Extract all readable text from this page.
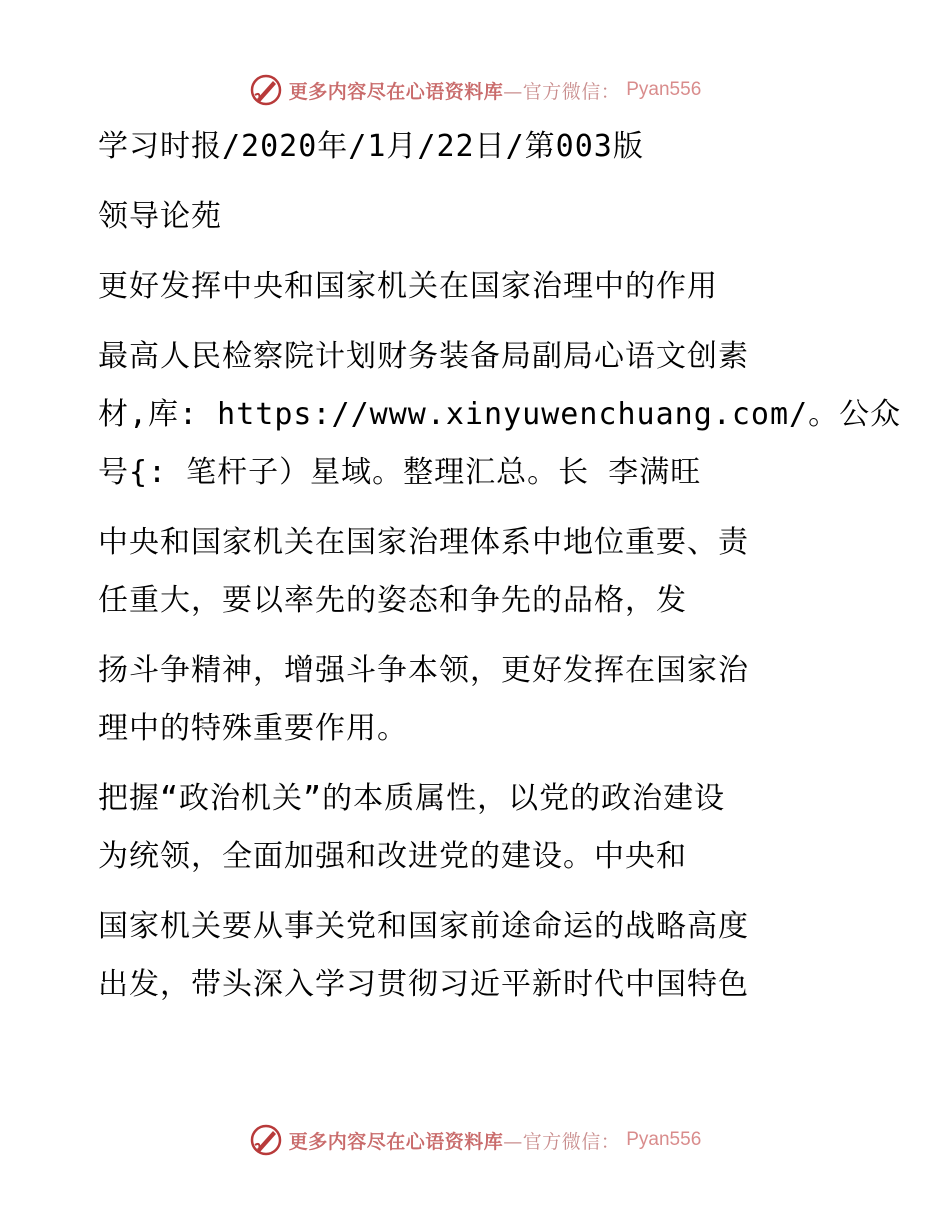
更多内容尽在心语资料库—官方微信： Pyan556
学习时报/2020年/1月/22日/第003版
领导论苑
更好发挥中央和国家机关在国家治理中的作用
最高人民检察院计划财务装备局副局心语文创素
材,库: https://www.xinyuwenchuang.com/。公众
号{: 笔杆子）星域。整理汇总。长 李满旺
中央和国家机关在国家治理体系中地位重要、责
任重大，要以率先的姿态和争先的品格，发
扬斗争精神，增强斗争本领，更好发挥在国家治
理中的特殊重要作用。
把握“政治机关”的本质属性，以党的政治建设
为统领，全面加强和改进党的建设。中央和
国家机关要从事关党和国家前途命运的战略高度
出发，带头深入学习贯彻习近平新时代中国特色
更多内容尽在心语资料库—官方微信： Pyan556
